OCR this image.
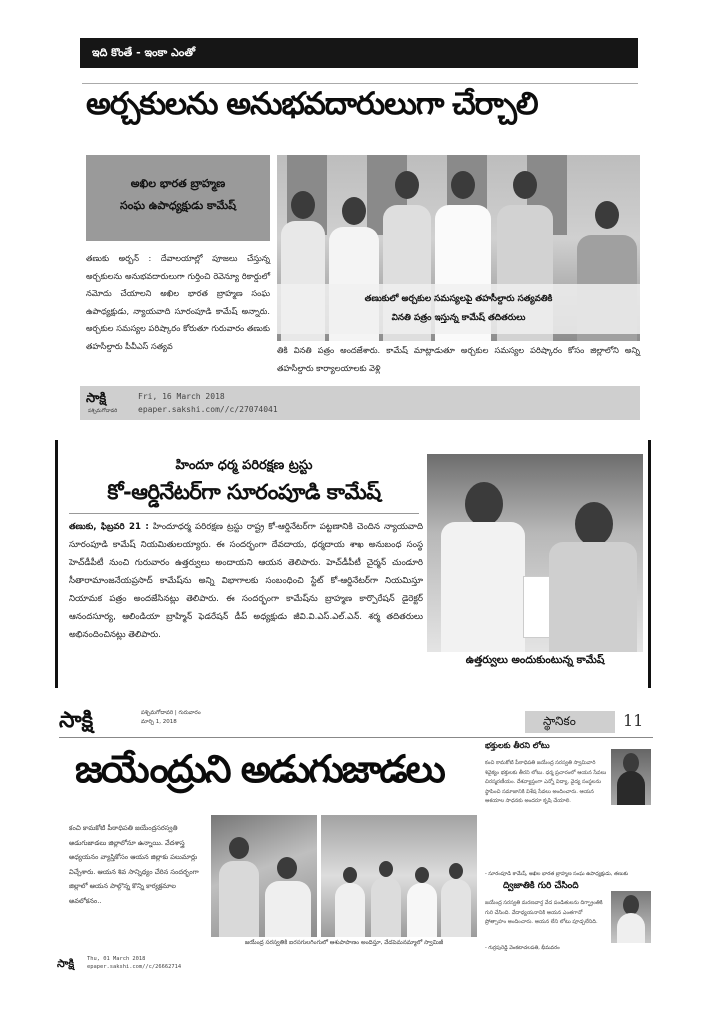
ఇది కొంతే - ఇంకా ఎంతో
అర్చకులను అనుభవదారులుగా చేర్చాలి
అఖిల భారత బ్రాహ్మణ
సంఘ ఉపాధ్యక్షుడు కామేష్
తణుకు అర్బన్ : దేవాలయాల్లో పూజలు చేస్తున్న అర్చకులను అనుభవదారులుగా గుర్తించి రెవెన్యూ రికార్డులో నమోదు చేయాలని అఖిల భారత బ్రాహ్మణ సంఘ ఉపాధ్యక్షుడు, న్యాయవాది సూరంపూడి కామేష్ అన్నారు. అర్చకుల సమస్యల పరిష్కారం కోరుతూ గురువారం తణుకు తహసీల్దారు పీవీఎస్ సత్యవ
తణుకులో అర్చకుల సమస్యలపై తహసీల్దారు సత్యవతికి
వినతి పత్రం ఇస్తున్న కామేష్ తదితరులు
తికి వినతి పత్రం అందజేశారు. కామేష్ మాట్లాడుతూ అర్చకుల సమస్యల పరిష్కారం కోసం జిల్లాలోని అన్ని తహసీల్దారు కార్యాలయాలకు వెళ్లి
సాక్షి
పశ్చిమగోదావరి
Fri, 16 March 2018
epaper.sakshi.com//c/27074041
హిందూ ధర్మ పరిరక్షణ ట్రస్టు
కో-ఆర్డినేటర్‌గా సూరంపూడి కామేష్
తణుకు, ఫిబ్రవరి 21 : హిందూధర్మ పరిరక్షణ ట్రస్టు రాష్ట్ర కో-ఆర్డినేటర్‌గా పట్టణానికి చెందిన న్యాయవాది సూరంపూడి కామేష్ నియమితులయ్యారు. ఈ సందర్భంగా దేవదాయ, ధర్మదాయ శాఖ అనుబంధ సంస్థ హెచ్‌డీపీటీ నుంచి గురువారం ఉత్తర్వులు అందాయని ఆయన తెలిపారు. హెచ్‌డీపీటీ చైర్మన్ చుండూరి సీతారామాంజనేయప్రసాద్ కామేష్‌ను అన్ని విభాగాలకు సంబంధించి స్టేట్ కో-ఆర్డినేటర్‌గా నియమిస్తూ నియామక పత్రం అందజేసినట్లు తెలిపారు. ఈ సందర్భంగా కామేష్‌ను బ్రాహ్మణ కార్పొరేషన్ డైరెక్టర్ ఆనందసూర్య, ఆలిండియా బ్రాహ్మిన్ ఫెడరేషన్ డీప్ అధ్యక్షుడు జీవి.వి.ఎస్.ఎల్.ఎన్. శర్మ తదితరులు అభినందించినట్లు తెలిపారు.
ఉత్తర్వులు అందుకుంటున్న కామేష్
సాక్షి	పశ్చిమగోదావరి | గురువారం
మార్చి 1, 2018	స్థానికం	11
జయేంద్రుని అడుగుజాడలు
కంచి కామకోటి పీఠాధిపతి జయేంద్రసరస్వతి అడుగుజాడలు జిల్లాలోనూ ఉన్నాయి. వేదశాస్త్ర అధ్యయనం వ్యాప్తికోసం ఆయన జిల్లాకు పలుమార్లు విచ్చేశారు. ఆయన శివ సాన్నిధ్యం చేరిన సందర్భంగా జిల్లాలో ఆయన పాల్గొన్న కొన్ని కార్యక్రమాల అవలోకనం..
జయేంద్ర సరస్వతికి ఐరసగులగింగులో ఆశుపాపాణం అందిస్తూ, వేదపెమనమ్మాలో స్వామిజీ
భక్తులకు తీరని లోటు
కంచి కామకోటి పీఠాధిపతి జయేంద్ర సరస్వతి స్వామివారి శివైక్యం భక్తులకు తీరని లోటు. ధర్మ ప్రచారంలో ఆయన సేవలు చిరస్మరణీయం. దేశవ్యాప్తంగా ఎన్నో విద్యా, వైద్య సంస్థలను స్థాపించి సమాజానికి విశేష సేవలు అందించారు. ఆయన ఆశయాల సాధనకు అందరూ కృషి చేయాలి.
- సూరంపూడి కామేష్, అఖిల భారత బ్రాహ్మణ సంఘ ఉపాధ్యక్షుడు, తణుకు
ద్విజాతికి గురి చేసింది
జయేంద్ర సరస్వతి మరణవార్త వేద పండితులను దిగ్భ్రాంతికి గురి చేసింది. వేదాధ్యయనానికి ఆయన ఎంతగానో ప్రోత్సాహం అందించారు. ఆయన లేని లోటు పూడ్చలేనిది.
- గుర్రపురెడ్డి వెంకటాచలపతి, భీమవరం
సాక్షి Thu, 01 March 2018
epaper.sakshi.com//c/26662714
